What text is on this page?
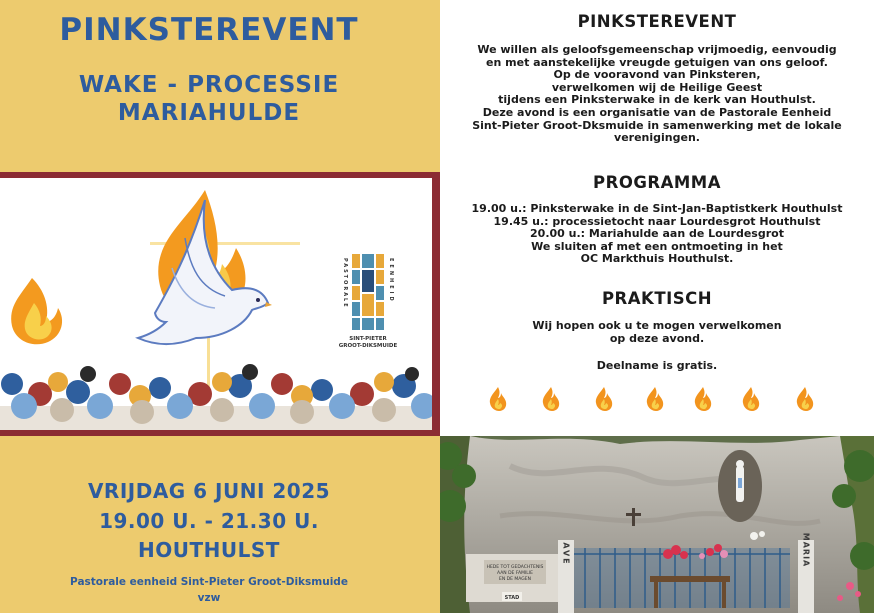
PINKSTEREVENT
WAKE - PROCESSIE
MARIAHULDE
PASTORALE	EENHEID
SINT-PIETER
GROOT-DIKSMUIDE
VRIJDAG 6 JUNI 2025
19.00 U. - 21.30 U.
HOUTHULST
Pastorale eenheid Sint-Pieter Groot-Diksmuide
vzw
PINKSTEREVENT
We willen als geloofsgemeenschap vrijmoedig, eenvoudig
en met aanstekelijke vreugde getuigen van ons geloof.
Op de vooravond van Pinksteren,
verwelkomen wij de Heilige Geest
tijdens een Pinksterwake in de kerk van Houthulst.
Deze avond is een organisatie van de Pastorale Eenheid
Sint-Pieter Groot-Dksmuide in samenwerking met de lokale
verenigingen.
PROGRAMMA
19.00 u.: Pinksterwake in de Sint-Jan-Baptistkerk Houthulst
19.45 u.: processietocht naar Lourdesgrot Houthulst
20.00 u.: Mariahulde aan de Lourdesgrot
We sluiten af met een ontmoeting in het
OC Markthuis Houthulst.
PRAKTISCH
Wij hopen ook u te mogen verwelkomen
op deze avond.
Deelname is gratis.
AVE	MARIA
HEDE TOT GEDACHTENIS
AAN DE FAMILIE
EN DE MAGEN
STAD
